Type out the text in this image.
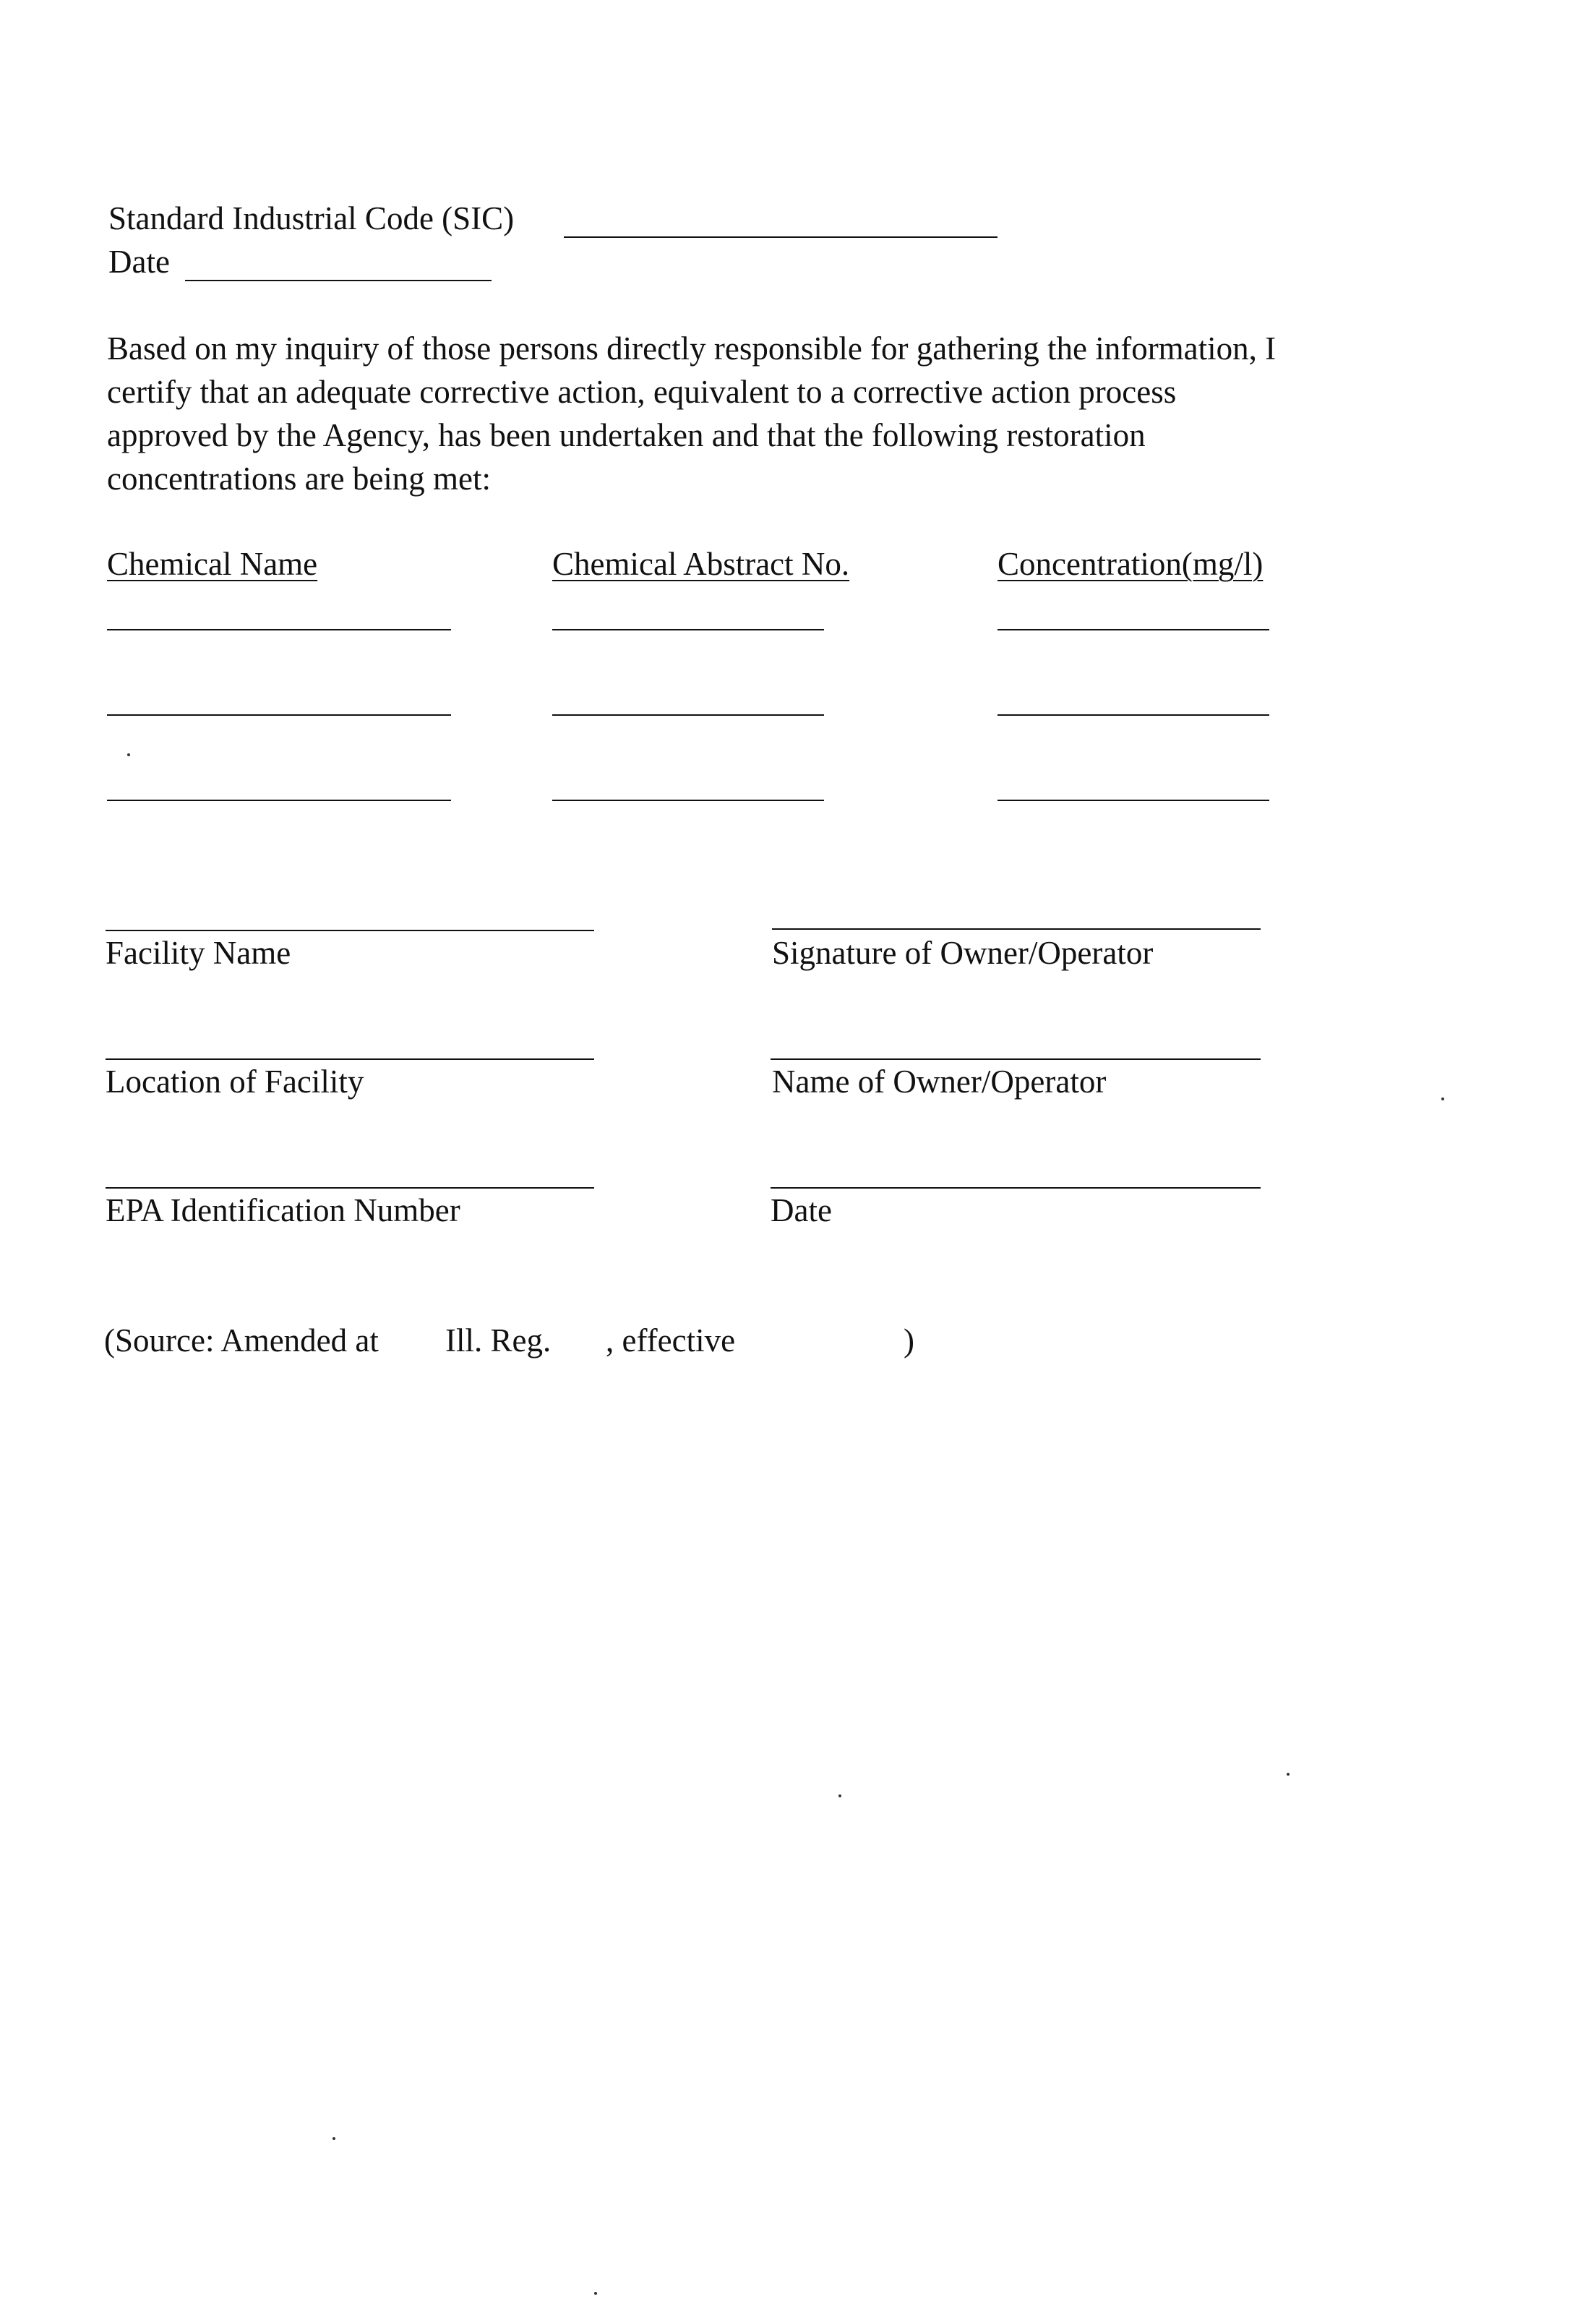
Standard Industrial Code (SIC)
Date

Based on my inquiry of those persons directly responsible for gathering the information, I

certify that an adequate corrective action, equivalent to a corrective action process

approved by the Agency, has been undertaken and that the following restoration

concentrations are being met:

Chemical Name	Chemical Abstract No.	Concentration(mg/l)
Facility Name	Signature of Owner/Operator
Location of Facility	Name of Owner/Operator
EPA Identification Number	Date
(Source: Amended at Ill. Reg. , effective	)
